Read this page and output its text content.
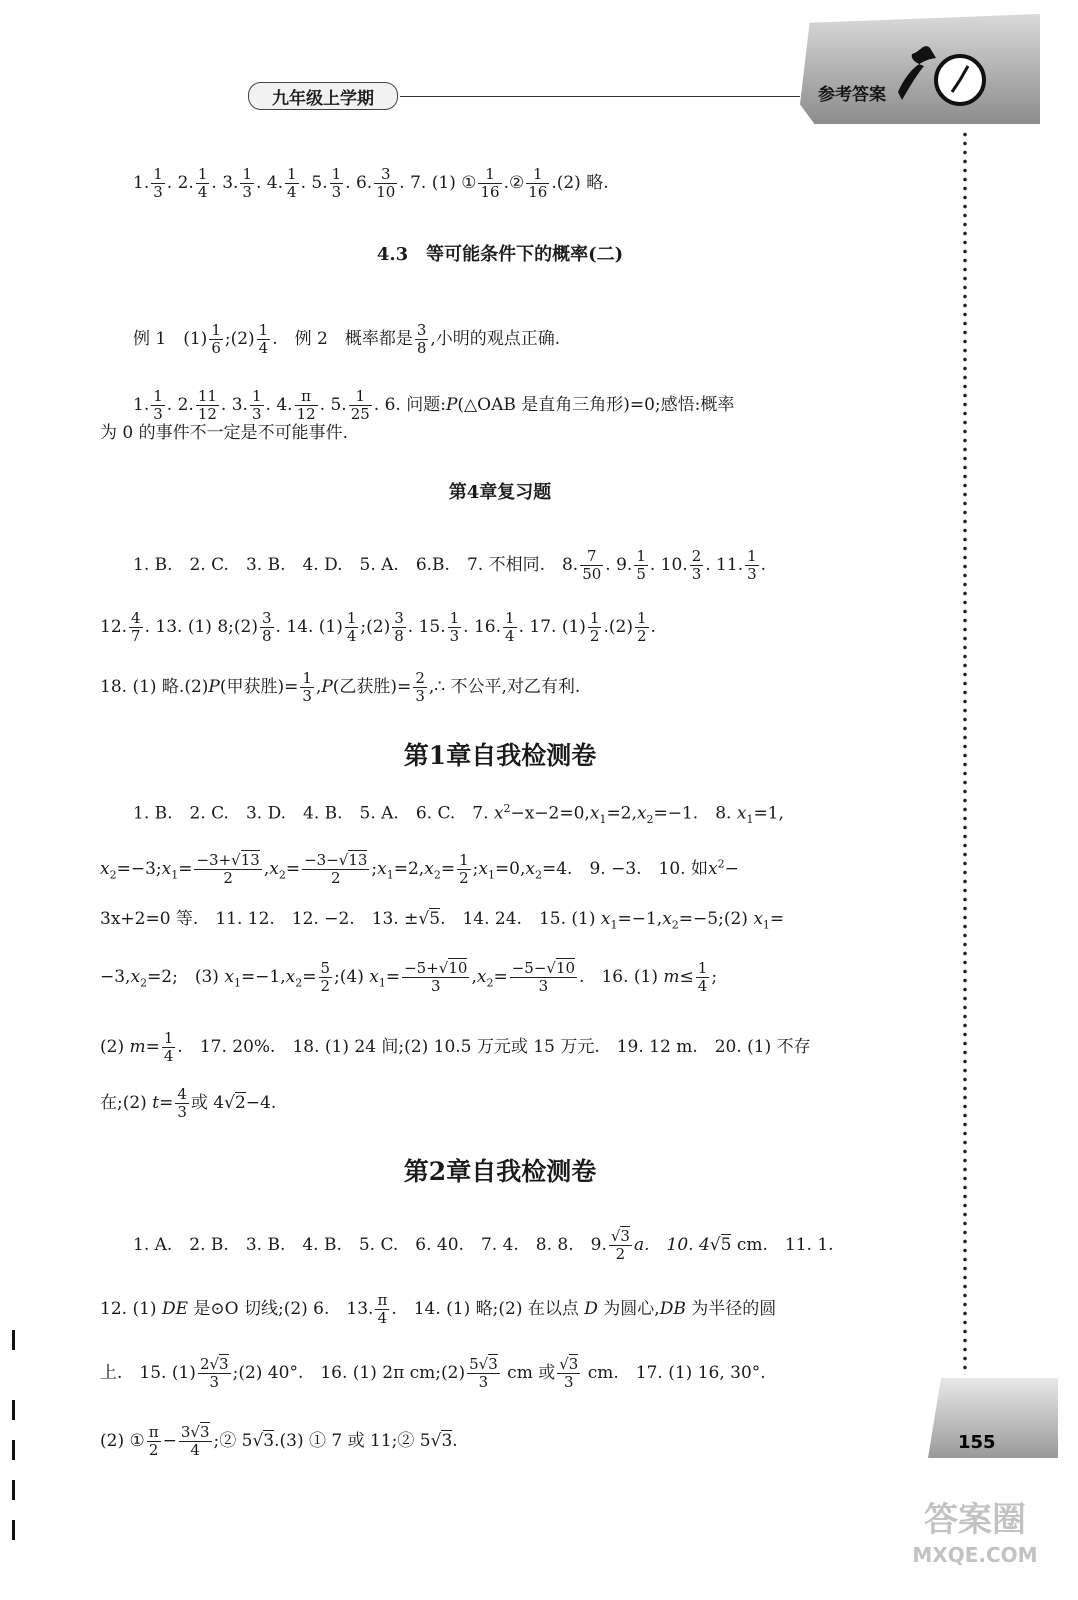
九年级上学期	参考答案
155
答案圈
MXQE.COM
1. $\frac{1}{3}$ . 2. $\frac{1}{4}$ . 3. $\frac{1}{3}$ . 4. $\frac{1}{4}$ . 5. $\frac{1}{3}$ . 6. $\frac{3}{10}$ . 7. (1) ① $\frac{1}{16}$ .② $\frac{1}{16} .(2)$ 略.
4.3　等可能条件下的概率(二)
例 1　$(1) \frac{1}{6}$ ;(2) $\frac{1}{4}$ .　例 2　概率都是 $\frac{3}{8}$ ,小明的观点正确.
1. $\frac{1}{3}$ . 2. $\frac{11}{12}$ . 3. $\frac{1}{3}$ . 4. $\frac{\pi}{12}$ . 5. $\frac{1}{25}$ . 6. 问题:P(△OAB 是直角三角形)=0;感悟:概率
为 0 的事件不一定是不可能事件.
第4章复习题
1. B.　2. C.　3. B.　4. D.　5. A.　6.B.　7. 不相同.　8. $\frac{7}{50}$ . 9. $\frac{1}{5}$ . 10. $\frac{2}{3}$ . 11. $\frac{1}{3}$ .
12. $\frac{4}{7}$ . 13. (1) 8;(2) $\frac{3}{8}$ . 14. $(1) \frac{1}{4}$ ;(2) $\frac{3}{8}$ . 15. $\frac{1}{3}$ . 16. $\frac{1}{4}$ . 17. $(1) \frac{1}{2} .(2) \frac{1}{2}$ .
18. (1) 略.(2)P(甲获胜)= $\frac{1}{3} ,P$(乙获胜)= $\frac{2}{3}$ ,∴ 不公平,对乙有利.
第1章自我检测卷
1. B.　2. C.　3. D.　4. B.　5. A.　6. C.　7. $x^2-x-2=0,x_1=2,x_2=-1$.　8. $x_1=1$,
$x_2=-3;x_1= \frac{-3+√13}{2} ,x_2= \frac{-3-√13}{2}$ $;x_1=2,x_2= \frac{1}{2}$ $;x_1=0,x_2=4$.　9. −3.　10. 如$x^2-$
3x+2=0 等.　11. 12.　12. −2.　13. ±√5.　14. 24.　15. (1) $x_1=-1,x_2=-5;(2)$ $x_1=$
$-3,x_2=2$;　(3) $x_1=-1,x_2= \frac{5}{2}$ ;(4) $x_1= \frac{-5+√10}{3} ,x_2= \frac{-5-√10}{3}$ .　16. (1) $m\le \frac{1}{4}$ ;
(2) $m= \frac{1}{4}$ .　17. 20%.　18. (1) 24 间;(2) 10.5 万元或 15 万元.　19. 12 m.　20. (1) 不存
在;(2) $t= \frac{4}{3}$ 或 4√2−4.
第2章自我检测卷
1. A.　2. B.　3. B.　4. B.　5. C.　6. 40.　7. 4.　8. 8.　9. $\frac{√3}{2} a$.　10. 4√5 cm.　11. 1.
12. (1) DE 是⊙O 切线;(2) 6.　13. $\frac{\pi}{4}$ .　14. (1) 略;(2) 在以点 D 为圆心,DB 为半径的圆
上.　15. $(1) \frac{2√3}{3}$ ;(2) 40°.　16. (1) 2π cm;(2) $\frac{5√3}{3}$ cm 或 $\frac{√3}{3}$ cm.　17. (1) 16, 30°.
(2) ① $\frac{\pi}{2} - \frac{3√3}{4}$ ;② 5√3.(3) ① 7 或 11;② 5√3.
